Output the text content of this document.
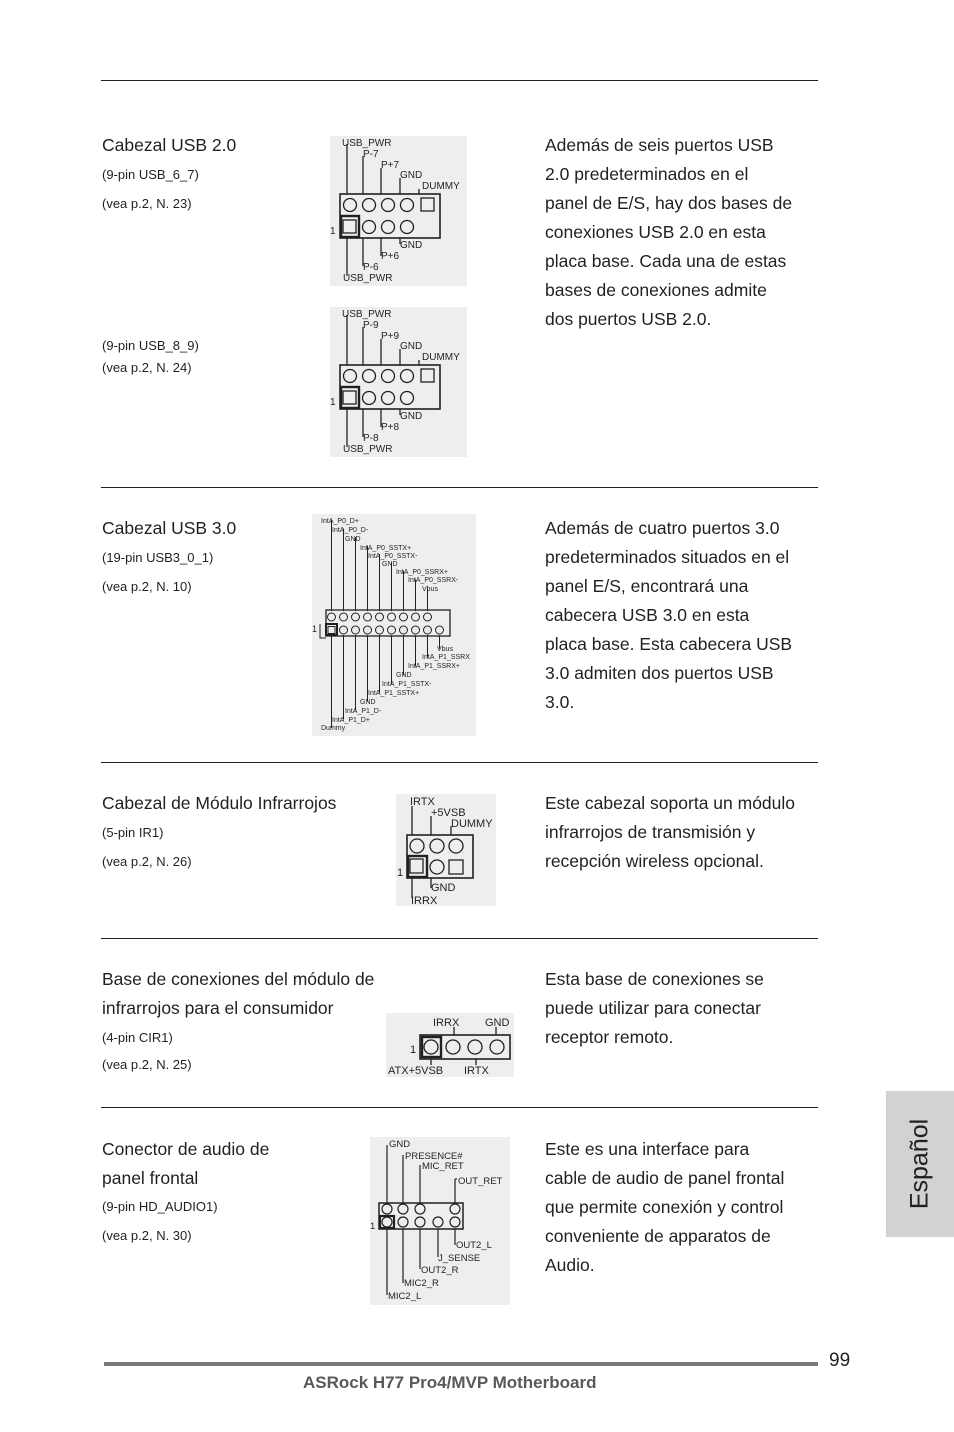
Cabezal USB 2.0
(9-pin USB_6_7)
(vea p.2, N. 23)
(9-pin USB_8_9)
(vea p.2, N. 24)
Además de seis puertos USB
2.0 predeterminados en el
panel de E/S, hay dos bases de
conexiones USB 2.0 en esta
placa base. Cada una de estas
bases de conexiones admite
dos puertos USB 2.0.
USB_PWR
P-7
P+7
GND
DUMMY
1
GND
P+6
P-6
USB_PWR
USB_PWR
P-9
P+9
GND
DUMMY
1
GND
P+8
P-8
USB_PWR
Cabezal USB 3.0
(19-pin USB3_0_1)
(vea p.2, N. 10)
Además de cuatro puertos 3.0
predeterminados situados en el
panel E/S, encontrará una
cabecera USB 3.0 en esta
placa base. Esta cabecera USB
3.0 admiten dos puertos USB
3.0.
IntA_P0_D+
IntA_P0_D-
GND
IntA_P0_SSTX+
IntA_P0_SSTX-
GND
IntA_P0_SSRX+
IntA_P0_SSRX-
Vbus
1
Vbus
IntA_P1_SSRX
IntA_P1_SSRX+
GND
IntA_P1_SSTX-
IntA_P1_SSTX+
GND
IntA_P1_D-
IntA_P1_D+
Dummy
Cabezal de Módulo Infrarrojos
(5-pin IR1)
(vea p.2, N. 26)
Este cabezal soporta un módulo
infrarrojos de transmisión y
recepción wireless opcional.
IRTX
+5VSB
DUMMY
1
GND
IRRX
Base de conexiones del módulo de
infrarrojos para el consumidor
(4-pin CIR1)
(vea p.2, N. 25)
Esta base de conexiones se
puede utilizar para conectar
receptor remoto.
IRRX GND
1
ATX+5VSB IRTX
Conector de audio de
panel frontal
(9-pin HD_AUDIO1)
(vea p.2, N. 30)
Este es una interface para
cable de audio de panel frontal
que permite conexión y control
conveniente de apparatos de
Audio.
GND
PRESENCE#
MIC_RET
OUT_RET
1
OUT2_L
J_SENSE
OUT2_R
MIC2_R
MIC2_L
Español
99
ASRock H77 Pro4/MVP Motherboard
